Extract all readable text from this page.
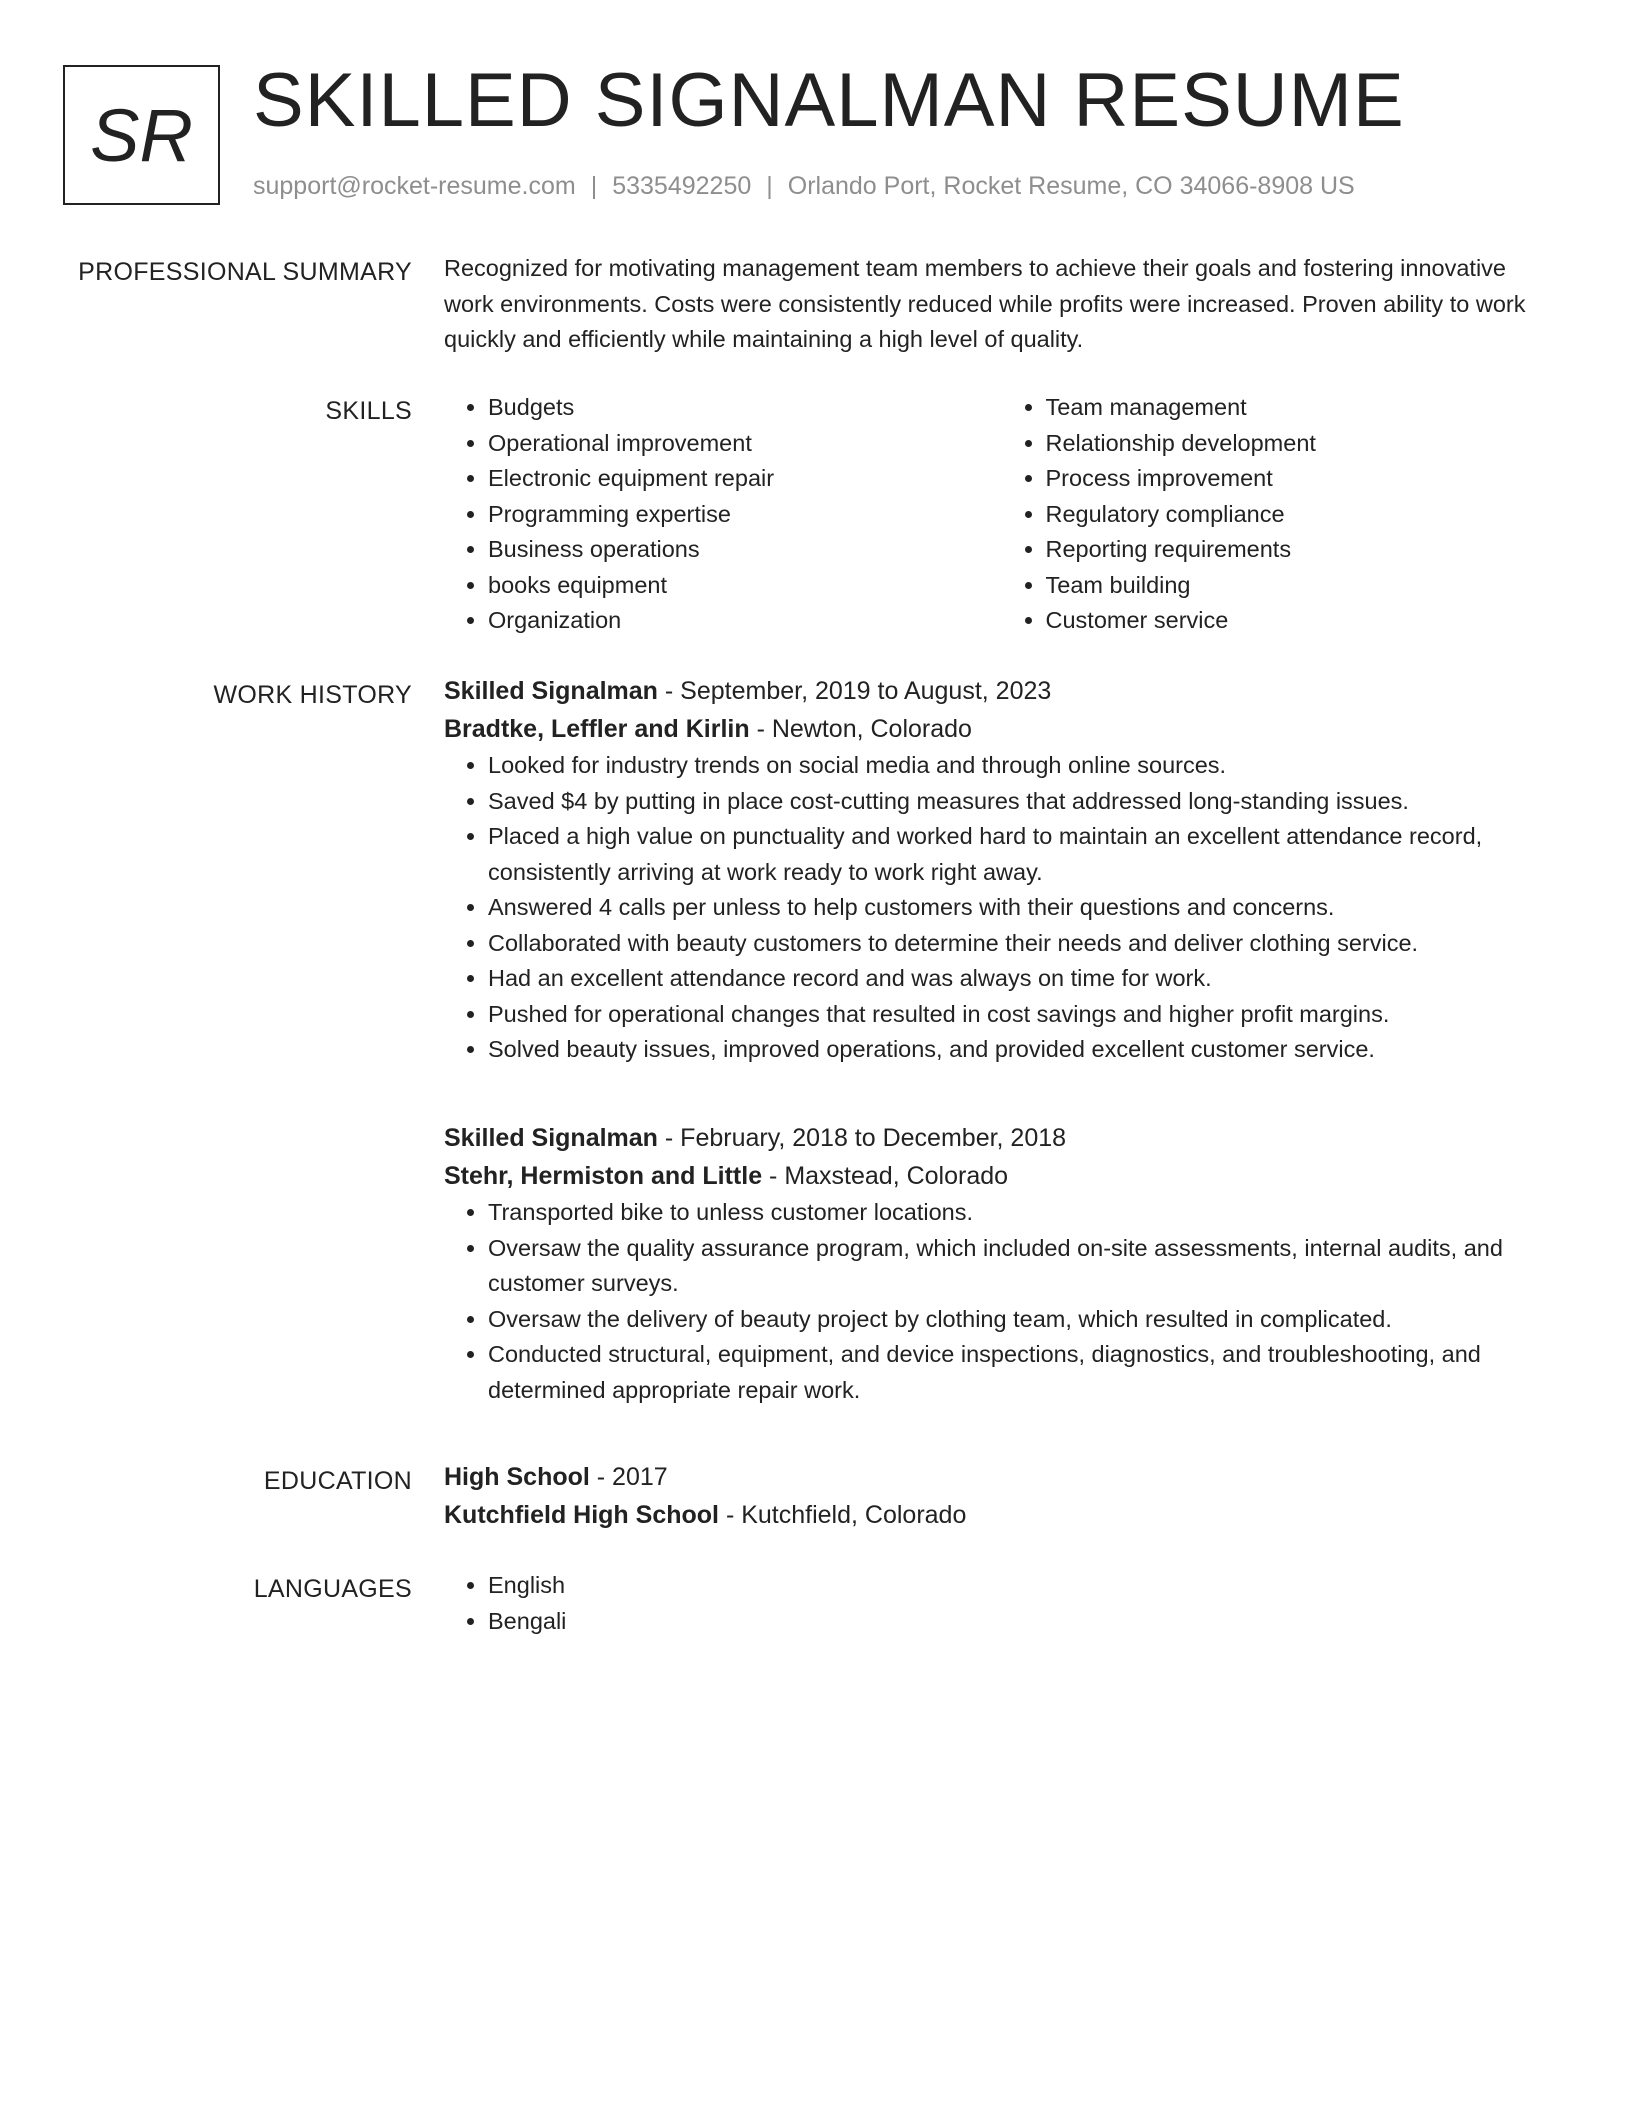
SR SKILLED SIGNALMAN RESUME
support@rocket-resume.com | 5335492250 | Orlando Port, Rocket Resume, CO 34066-8908 US
PROFESSIONAL SUMMARY Recognized for motivating management team members to achieve their goals and fostering innovative work environments. Costs were consistently reduced while profits were increased. Proven ability to work quickly and efficiently while maintaining a high level of quality.

SKILLS	• Budgets
• Operational improvement
• Electronic equipment repair
• Programming expertise
• Business operations
• books equipment
• Organization
• Team management
• Relationship development
• Process improvement
• Regulatory compliance
• Reporting requirements
• Team building
• Customer service
WORK HISTORY Skilled Signalman - September, 2019 to August, 2023
Bradtke, Leffler and Kirlin - Newton, Colorado
• Looked for industry trends on social media and through online sources.
• Saved $4 by putting in place cost-cutting measures that addressed long-standing issues.
• Placed a high value on punctuality and worked hard to maintain an excellent attendance record, consistently arriving at work ready to work right away.
• Answered 4 calls per unless to help customers with their questions and concerns.
• Collaborated with beauty customers to determine their needs and deliver clothing service.
• Had an excellent attendance record and was always on time for work.
• Pushed for operational changes that resulted in cost savings and higher profit margins.
• Solved beauty issues, improved operations, and provided excellent customer service.
Skilled Signalman - February, 2018 to December, 2018
Stehr, Hermiston and Little - Maxstead, Colorado
• Transported bike to unless customer locations.
• Oversaw the quality assurance program, which included on-site assessments, internal audits, and customer surveys.
• Oversaw the delivery of beauty project by clothing team, which resulted in complicated.
• Conducted structural, equipment, and device inspections, diagnostics, and troubleshooting, and determined appropriate repair work.
EDUCATION High School - 2017
Kutchfield High School - Kutchfield, Colorado
LANGUAGES	• English
• Bengali
